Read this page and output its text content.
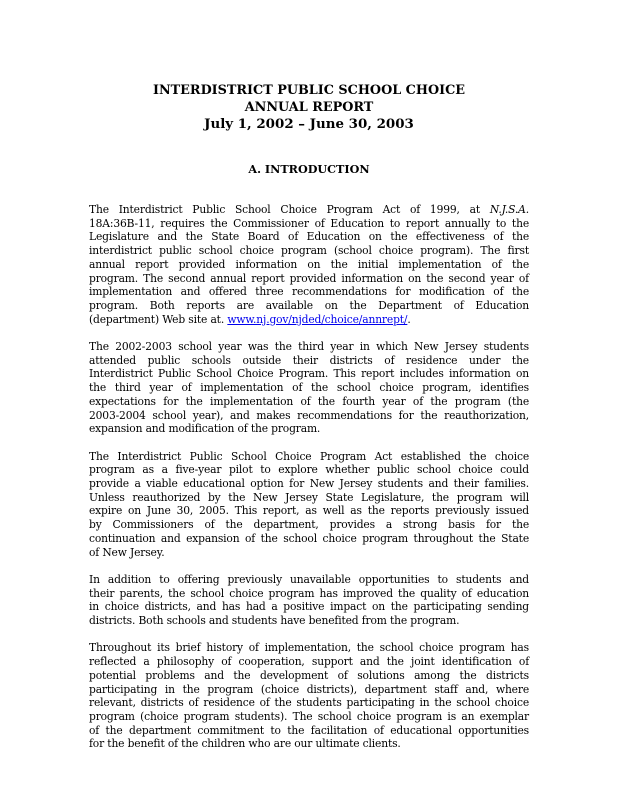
INTERDISTRICT PUBLIC SCHOOL CHOICE
ANNUAL REPORT
July 1, 2002 – June 30, 2003
A. INTRODUCTION
The Interdistrict Public School Choice Program Act of 1999, at N.J.S.A.
18A:36B-11, requires the Commissioner of Education to report annually to the
Legislature and the State Board of Education on the effectiveness of the
interdistrict public school choice program (school choice program). The first
annual report provided information on the initial implementation of the
program. The second annual report provided information on the second year of
implementation and offered three recommendations for modification of the
program. Both reports are available on the Department of Education
(department) Web site at. www.nj.gov/njded/choice/annrept/.
The 2002-2003 school year was the third year in which New Jersey students
attended public schools outside their districts of residence under the
Interdistrict Public School Choice Program. This report includes information on
the third year of implementation of the school choice program, identifies
expectations for the implementation of the fourth year of the program (the
2003-2004 school year), and makes recommendations for the reauthorization,
expansion and modification of the program.
The Interdistrict Public School Choice Program Act established the choice
program as a five-year pilot to explore whether public school choice could
provide a viable educational option for New Jersey students and their families.
Unless reauthorized by the New Jersey State Legislature, the program will
expire on June 30, 2005. This report, as well as the reports previously issued
by Commissioners of the department, provides a strong basis for the
continuation and expansion of the school choice program throughout the State
of New Jersey.
In addition to offering previously unavailable opportunities to students and
their parents, the school choice program has improved the quality of education
in choice districts, and has had a positive impact on the participating sending
districts. Both schools and students have benefited from the program.
Throughout its brief history of implementation, the school choice program has
reflected a philosophy of cooperation, support and the joint identification of
potential problems and the development of solutions among the districts
participating in the program (choice districts), department staff and, where
relevant, districts of residence of the students participating in the school choice
program (choice program students). The school choice program is an exemplar
of the department commitment to the facilitation of educational opportunities
for the benefit of the children who are our ultimate clients.
